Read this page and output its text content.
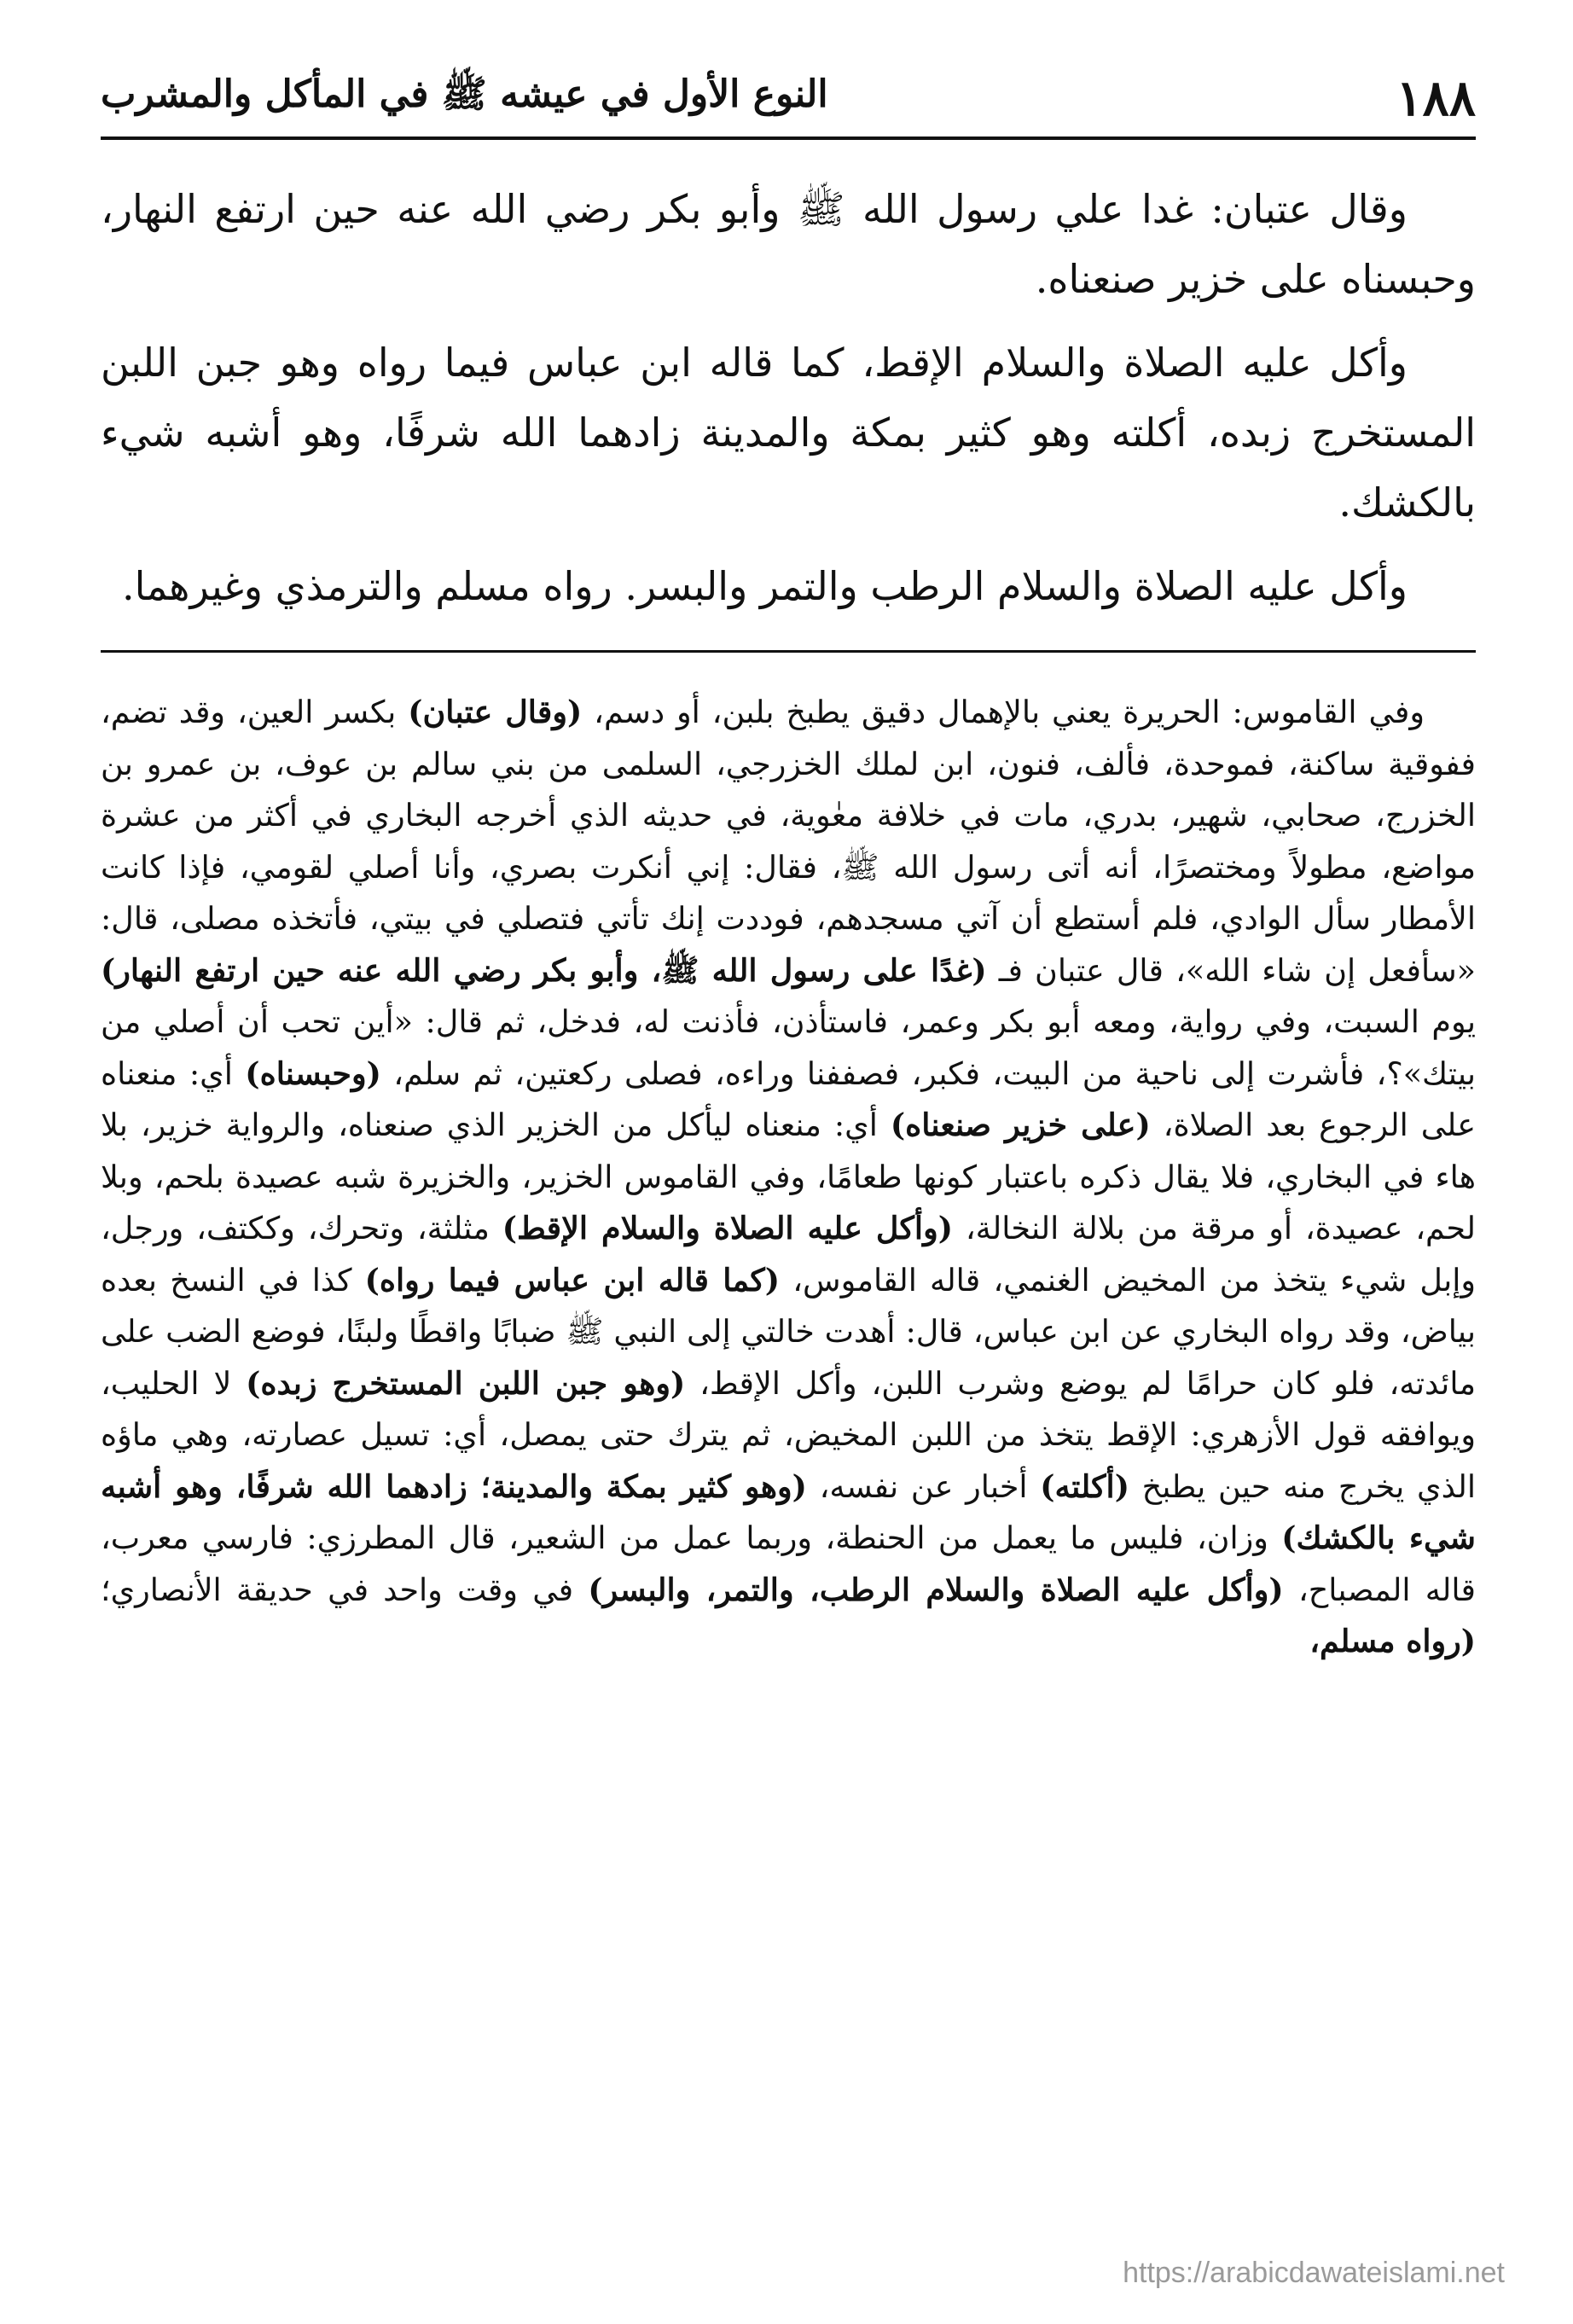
١٨٨
النوع الأول في عيشه ﷺ في المأكل والمشرب

وقال عتبان: غدا علي رسول الله ﷺ وأبو بكر رضي الله عنه حين ارتفع النهار، وحبسناه على خزير صنعناه.

وأكل عليه الصلاة والسلام الإقط، كما قاله ابن عباس فيما رواه وهو جبن اللبن المستخرج زبده، أكلته وهو كثير بمكة والمدينة زادهما الله شرفًا، وهو أشبه شيء بالكشك.

وأكل عليه الصلاة والسلام الرطب والتمر والبسر. رواه مسلم والترمذي وغيرهما.

وفي القاموس: الحريرة يعني بالإهمال دقيق يطبخ بلبن، أو دسم، (وقال عتبان) بكسر العين، وقد تضم، ففوقية ساكنة، فموحدة، فألف، فنون، ابن لملك الخزرجي، السلمى من بني سالم بن عوف، بن عمرو بن الخزرج، صحابي، شهير، بدري، مات في خلافة معٰوية، في حديثه الذي أخرجه البخاري في أكثر من عشرة مواضع، مطولاً ومختصرًا، أنه أتى رسول الله ﷺ، فقال: إني أنكرت بصري، وأنا أصلي لقومي، فإذا كانت الأمطار سأل الوادي، فلم أستطع أن آتي مسجدهم، فوددت إنك تأتي فتصلي في بيتي، فأتخذه مصلى، قال: «سأفعل إن شاء الله»، قال عتبان فـ (غدًا على رسول الله ﷺ، وأبو بكر رضي الله عنه حين ارتفع النهار) يوم السبت، وفي رواية، ومعه أبو بكر وعمر، فاستأذن، فأذنت له، فدخل، ثم قال: «أين تحب أن أصلي من بيتك»؟، فأشرت إلى ناحية من البيت، فكبر، فصففنا وراءه، فصلى ركعتين، ثم سلم، (وحبسناه) أي: منعناه على الرجوع بعد الصلاة، (على خزير صنعناه) أي: منعناه ليأكل من الخزير الذي صنعناه، والرواية خزير، بلا هاء في البخاري، فلا يقال ذكره باعتبار كونها طعامًا، وفي القاموس الخزير، والخزيرة شبه عصيدة بلحم، وبلا لحم، عصيدة، أو مرقة من بلالة النخالة، (وأكل عليه الصلاة والسلام الإقط) مثلثة، وتحرك، وككتف، ورجل، وإبل شيء يتخذ من المخيض الغنمي، قاله القاموس، (كما قاله ابن عباس فيما رواه) كذا في النسخ بعده بياض، وقد رواه البخاري عن ابن عباس، قال: أهدت خالتي إلى النبي ﷺ ضبابًا واقطًا ولبنًا، فوضع الضب على مائدته، فلو كان حرامًا لم يوضع وشرب اللبن، وأكل الإقط، (وهو جبن اللبن المستخرج زبده) لا الحليب، ويوافقه قول الأزهري: الإقط يتخذ من اللبن المخيض، ثم يترك حتى يمصل، أي: تسيل عصارته، وهي ماؤه الذي يخرج منه حين يطبخ (أكلته) أخبار عن نفسه، (وهو كثير بمكة والمدينة؛ زادهما الله شرفًا، وهو أشبه شيء بالكشك) وزان، فليس ما يعمل من الحنطة، وربما عمل من الشعير، قال المطرزي: فارسي معرب، قاله المصباح، (وأكل عليه الصلاة والسلام الرطب، والتمر، والبسر) في وقت واحد في حديقة الأنصاري؛ (رواه مسلم،

https://arabicdawateislami.net
